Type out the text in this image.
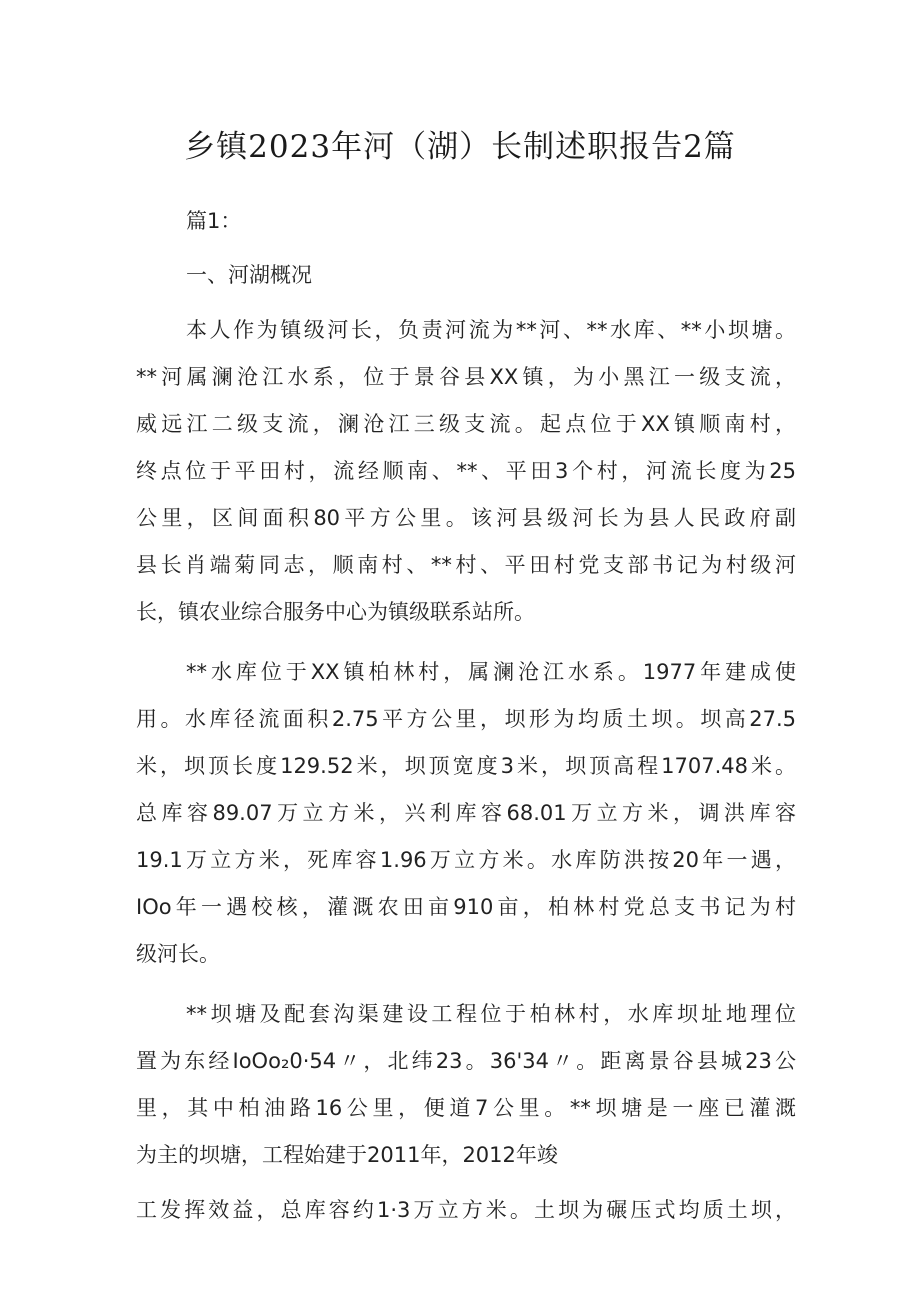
乡镇2023年河（湖）长制述职报告2篇
篇1：
一、河湖概况
本人作为镇级河长，负责河流为**河、**水库、**小坝塘。
**河属澜沧江水系，位于景谷县XX镇，为小黑江一级支流，
威远江二级支流，澜沧江三级支流。起点位于XX镇顺南村，
终点位于平田村，流经顺南、**、平田3个村，河流长度为25
公里，区间面积80平方公里。该河县级河长为县人民政府副
县长肖端菊同志，顺南村、**村、平田村党支部书记为村级河
长，镇农业综合服务中心为镇级联系站所。
**水库位于XX镇柏林村，属澜沧江水系。1977年建成使
用。水库径流面积2.75平方公里，坝形为均质土坝。坝高27.5
米，坝顶长度129.52米，坝顶宽度3米，坝顶高程1707.48米。
总库容89.07万立方米，兴利库容68.01万立方米，调洪库容
19.1万立方米，死库容1.96万立方米。水库防洪按20年一遇，
IOo年一遇校核，灌溉农田亩910亩，柏林村党总支书记为村
级河长。
**坝塘及配套沟渠建设工程位于柏林村，水库坝址地理位
置为东经IoOo₂0·54〃，北纬23。36'34〃。距离景谷县城23公
里，其中柏油路16公里，便道7公里。**坝塘是一座已灌溉
为主的坝塘，工程始建于2011年，2012年竣
工发挥效益，总库容约1·3万立方米。土坝为碾压式均质土坝，
